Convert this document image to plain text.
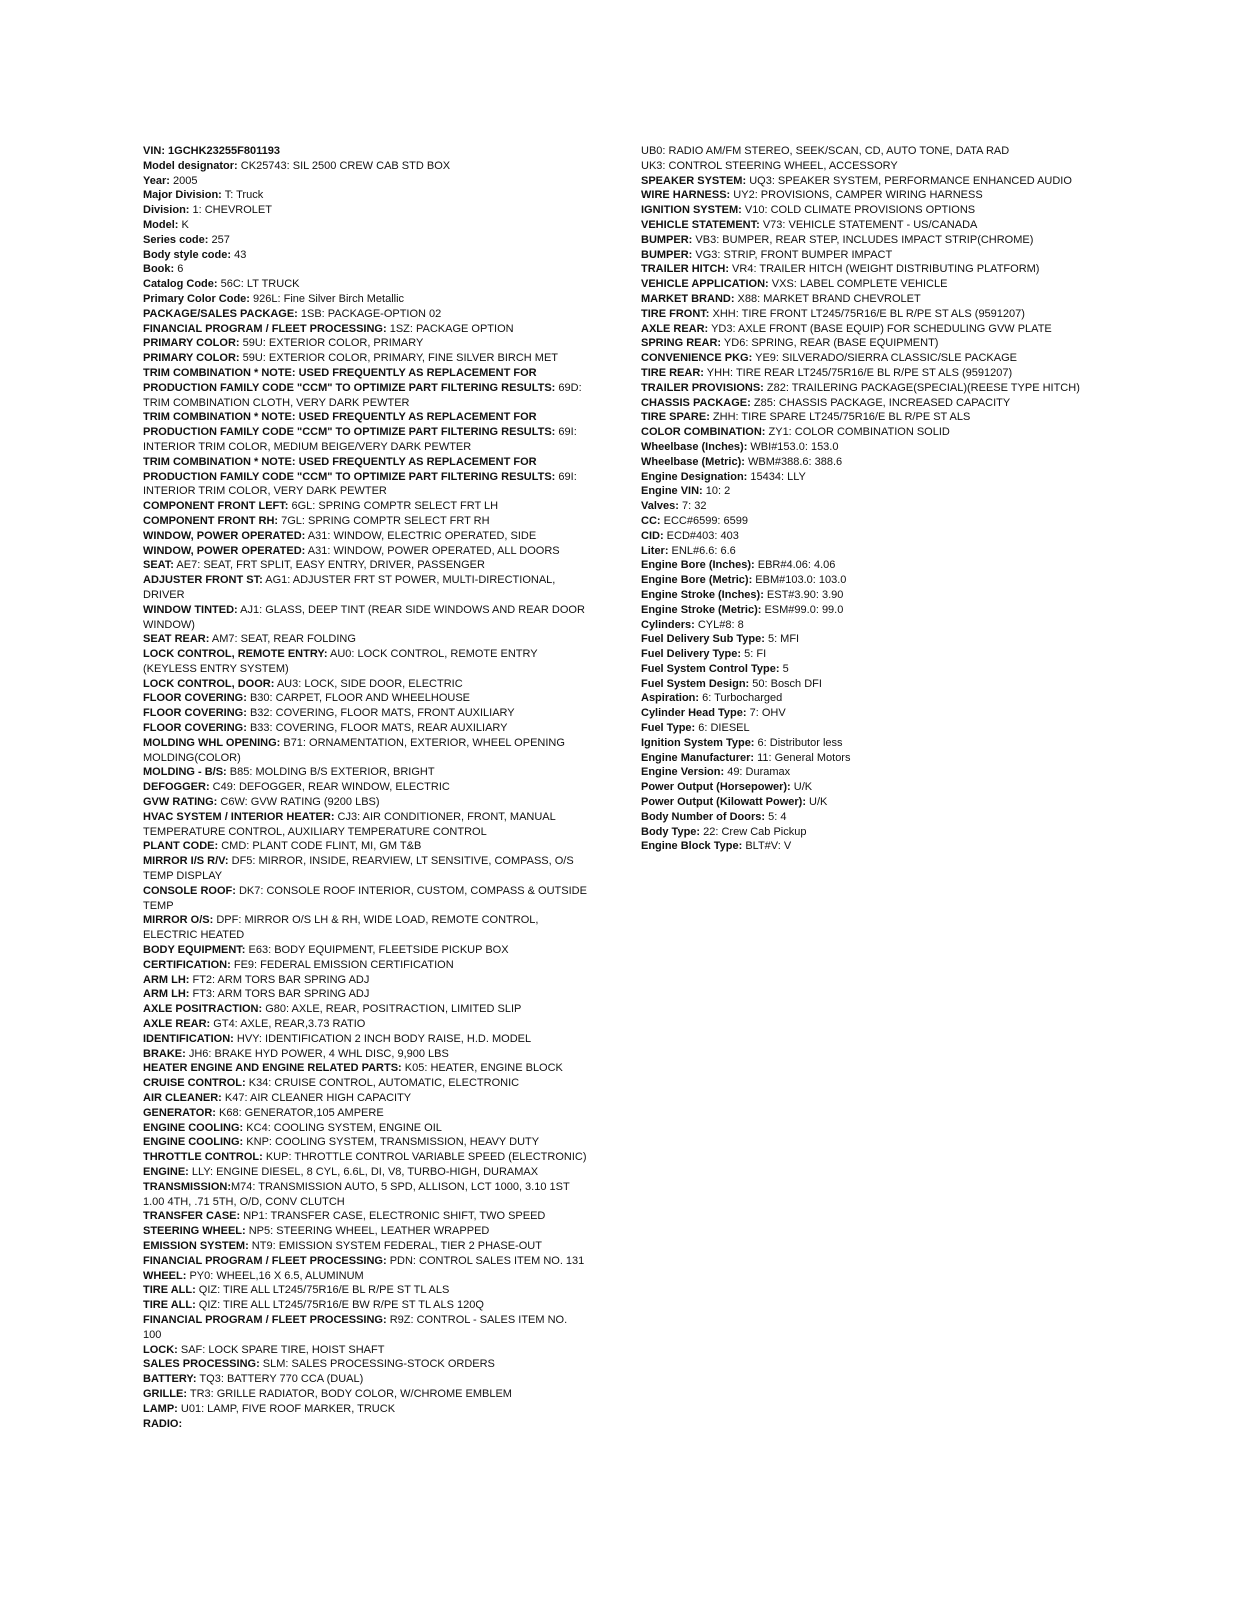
VIN: 1GCHK23255F801193

Model designator: CK25743: SIL 2500 CREW CAB STD BOX

Year: 2005

Major Division: T: Truck

Division: 1: CHEVROLET

Model: K

Series code: 257

Body style code: 43

Book: 6

Catalog Code: 56C: LT TRUCK

Primary Color Code: 926L: Fine Silver Birch Metallic

PACKAGE/SALES PACKAGE: 1SB: PACKAGE-OPTION 02

FINANCIAL PROGRAM / FLEET PROCESSING: 1SZ: PACKAGE OPTION

PRIMARY COLOR: 59U: EXTERIOR COLOR, PRIMARY

PRIMARY COLOR: 59U: EXTERIOR COLOR, PRIMARY, FINE SILVER BIRCH MET

TRIM COMBINATION * NOTE: USED FREQUENTLY AS REPLACEMENT FOR PRODUCTION FAMILY CODE "CCM" TO OPTIMIZE PART FILTERING RESULTS: 69D: TRIM COMBINATION CLOTH, VERY DARK PEWTER

TRIM COMBINATION * NOTE: USED FREQUENTLY AS REPLACEMENT FOR PRODUCTION FAMILY CODE "CCM" TO OPTIMIZE PART FILTERING RESULTS: 69I: INTERIOR TRIM COLOR, MEDIUM BEIGE/VERY DARK PEWTER

TRIM COMBINATION * NOTE: USED FREQUENTLY AS REPLACEMENT FOR PRODUCTION FAMILY CODE "CCM" TO OPTIMIZE PART FILTERING RESULTS: 69I: INTERIOR TRIM COLOR, VERY DARK PEWTER

COMPONENT FRONT LEFT: 6GL: SPRING COMPTR SELECT FRT LH

COMPONENT FRONT RH: 7GL: SPRING COMPTR SELECT FRT RH

WINDOW, POWER OPERATED: A31: WINDOW, ELECTRIC OPERATED, SIDE

WINDOW, POWER OPERATED: A31: WINDOW, POWER OPERATED, ALL DOORS

SEAT: AE7: SEAT, FRT SPLIT, EASY ENTRY, DRIVER, PASSENGER

ADJUSTER FRONT ST: AG1: ADJUSTER FRT ST POWER, MULTI-DIRECTIONAL, DRIVER

WINDOW TINTED: AJ1: GLASS, DEEP TINT (REAR SIDE WINDOWS AND REAR DOOR WINDOW)

SEAT REAR: AM7: SEAT, REAR FOLDING

LOCK CONTROL, REMOTE ENTRY: AU0: LOCK CONTROL, REMOTE ENTRY (KEYLESS ENTRY SYSTEM)

LOCK CONTROL, DOOR: AU3: LOCK, SIDE DOOR, ELECTRIC

FLOOR COVERING: B30: CARPET, FLOOR AND WHEELHOUSE

FLOOR COVERING: B32: COVERING, FLOOR MATS, FRONT AUXILIARY

FLOOR COVERING: B33: COVERING, FLOOR MATS, REAR AUXILIARY

MOLDING WHL OPENING: B71: ORNAMENTATION, EXTERIOR, WHEEL OPENING MOLDING(COLOR)

MOLDING - B/S: B85: MOLDING B/S EXTERIOR, BRIGHT

DEFOGGER: C49: DEFOGGER, REAR WINDOW, ELECTRIC

GVW RATING: C6W: GVW RATING (9200 LBS)

HVAC SYSTEM / INTERIOR HEATER: CJ3: AIR CONDITIONER, FRONT, MANUAL TEMPERATURE CONTROL, AUXILIARY TEMPERATURE CONTROL

PLANT CODE: CMD: PLANT CODE FLINT, MI, GM T&B

MIRROR I/S R/V: DF5: MIRROR, INSIDE, REARVIEW, LT SENSITIVE, COMPASS, O/S TEMP DISPLAY

CONSOLE ROOF: DK7: CONSOLE ROOF INTERIOR, CUSTOM, COMPASS & OUTSIDE TEMP

MIRROR O/S: DPF: MIRROR O/S LH & RH, WIDE LOAD, REMOTE CONTROL, ELECTRIC HEATED

BODY EQUIPMENT: E63: BODY EQUIPMENT, FLEETSIDE PICKUP BOX

CERTIFICATION: FE9: FEDERAL EMISSION CERTIFICATION

ARM LH: FT2: ARM TORS BAR SPRING ADJ

ARM LH: FT3: ARM TORS BAR SPRING ADJ

AXLE POSITRACTION: G80: AXLE, REAR, POSITRACTION, LIMITED SLIP

AXLE REAR: GT4: AXLE, REAR,3.73 RATIO

IDENTIFICATION: HVY: IDENTIFICATION 2 INCH BODY RAISE, H.D. MODEL

BRAKE: JH6: BRAKE HYD POWER, 4 WHL DISC, 9,900 LBS

HEATER ENGINE AND ENGINE RELATED PARTS: K05: HEATER, ENGINE BLOCK

CRUISE CONTROL: K34: CRUISE CONTROL, AUTOMATIC, ELECTRONIC

AIR CLEANER: K47: AIR CLEANER HIGH CAPACITY

GENERATOR: K68: GENERATOR,105 AMPERE

ENGINE COOLING: KC4: COOLING SYSTEM, ENGINE OIL

ENGINE COOLING: KNP: COOLING SYSTEM, TRANSMISSION, HEAVY DUTY

THROTTLE CONTROL: KUP: THROTTLE CONTROL VARIABLE SPEED (ELECTRONIC)

ENGINE: LLY: ENGINE DIESEL, 8 CYL, 6.6L, DI, V8, TURBO-HIGH, DURAMAX

TRANSMISSION:M74: TRANSMISSION AUTO, 5 SPD, ALLISON, LCT 1000, 3.10 1ST 1.00 4TH, .71 5TH, O/D, CONV CLUTCH

TRANSFER CASE: NP1: TRANSFER CASE, ELECTRONIC SHIFT, TWO SPEED

STEERING WHEEL: NP5: STEERING WHEEL, LEATHER WRAPPED

EMISSION SYSTEM: NT9: EMISSION SYSTEM FEDERAL, TIER 2 PHASE-OUT

FINANCIAL PROGRAM / FLEET PROCESSING: PDN: CONTROL SALES ITEM NO. 131

WHEEL: PY0: WHEEL,16 X 6.5, ALUMINUM

TIRE ALL: QIZ: TIRE ALL LT245/75R16/E BL R/PE ST TL ALS

TIRE ALL: QIZ: TIRE ALL LT245/75R16/E BW R/PE ST TL ALS 120Q

FINANCIAL PROGRAM / FLEET PROCESSING: R9Z: CONTROL - SALES ITEM NO. 100

LOCK: SAF: LOCK SPARE TIRE, HOIST SHAFT

SALES PROCESSING: SLM: SALES PROCESSING-STOCK ORDERS

BATTERY: TQ3: BATTERY 770 CCA (DUAL)

GRILLE: TR3: GRILLE RADIATOR, BODY COLOR, W/CHROME EMBLEM

LAMP: U01: LAMP, FIVE ROOF MARKER, TRUCK

RADIO:

UB0: RADIO AM/FM STEREO, SEEK/SCAN, CD, AUTO TONE, DATA RAD

UK3: CONTROL STEERING WHEEL, ACCESSORY

SPEAKER SYSTEM: UQ3: SPEAKER SYSTEM, PERFORMANCE ENHANCED AUDIO

WIRE HARNESS: UY2: PROVISIONS, CAMPER WIRING HARNESS

IGNITION SYSTEM: V10: COLD CLIMATE PROVISIONS OPTIONS

VEHICLE STATEMENT: V73: VEHICLE STATEMENT - US/CANADA

BUMPER: VB3: BUMPER, REAR STEP, INCLUDES IMPACT STRIP(CHROME)

BUMPER: VG3: STRIP, FRONT BUMPER IMPACT

TRAILER HITCH: VR4: TRAILER HITCH (WEIGHT DISTRIBUTING PLATFORM)

VEHICLE APPLICATION: VXS: LABEL COMPLETE VEHICLE

MARKET BRAND: X88: MARKET BRAND CHEVROLET

TIRE FRONT: XHH: TIRE FRONT LT245/75R16/E BL R/PE ST ALS (9591207)

AXLE REAR: YD3: AXLE FRONT (BASE EQUIP) FOR SCHEDULING GVW PLATE

SPRING REAR: YD6: SPRING, REAR (BASE EQUIPMENT)

CONVENIENCE PKG: YE9: SILVERADO/SIERRA CLASSIC/SLE PACKAGE

TIRE REAR: YHH: TIRE REAR LT245/75R16/E BL R/PE ST ALS (9591207)

TRAILER PROVISIONS: Z82: TRAILERING PACKAGE(SPECIAL)(REESE TYPE HITCH)

CHASSIS PACKAGE: Z85: CHASSIS PACKAGE, INCREASED CAPACITY

TIRE SPARE: ZHH: TIRE SPARE LT245/75R16/E BL R/PE ST ALS

COLOR COMBINATION: ZY1: COLOR COMBINATION SOLID

Wheelbase (Inches): WBI#153.0: 153.0

Wheelbase (Metric): WBM#388.6: 388.6

Engine Designation: 15434: LLY

Engine VIN: 10: 2

Valves: 7: 32

CC: ECC#6599: 6599

CID: ECD#403: 403

Liter: ENL#6.6: 6.6

Engine Bore (Inches): EBR#4.06: 4.06

Engine Bore (Metric): EBM#103.0: 103.0

Engine Stroke (Inches): EST#3.90: 3.90

Engine Stroke (Metric): ESM#99.0: 99.0

Cylinders: CYL#8: 8

Fuel Delivery Sub Type: 5: MFI

Fuel Delivery Type: 5: FI

Fuel System Control Type: 5

Fuel System Design: 50: Bosch DFI

Aspiration: 6: Turbocharged

Cylinder Head Type: 7: OHV

Fuel Type: 6: DIESEL

Ignition System Type: 6: Distributor less

Engine Manufacturer: 11: General Motors

Engine Version: 49: Duramax

Power Output (Horsepower): U/K

Power Output (Kilowatt Power): U/K

Body Number of Doors: 5: 4

Body Type: 22: Crew Cab Pickup

Engine Block Type: BLT#V: V
